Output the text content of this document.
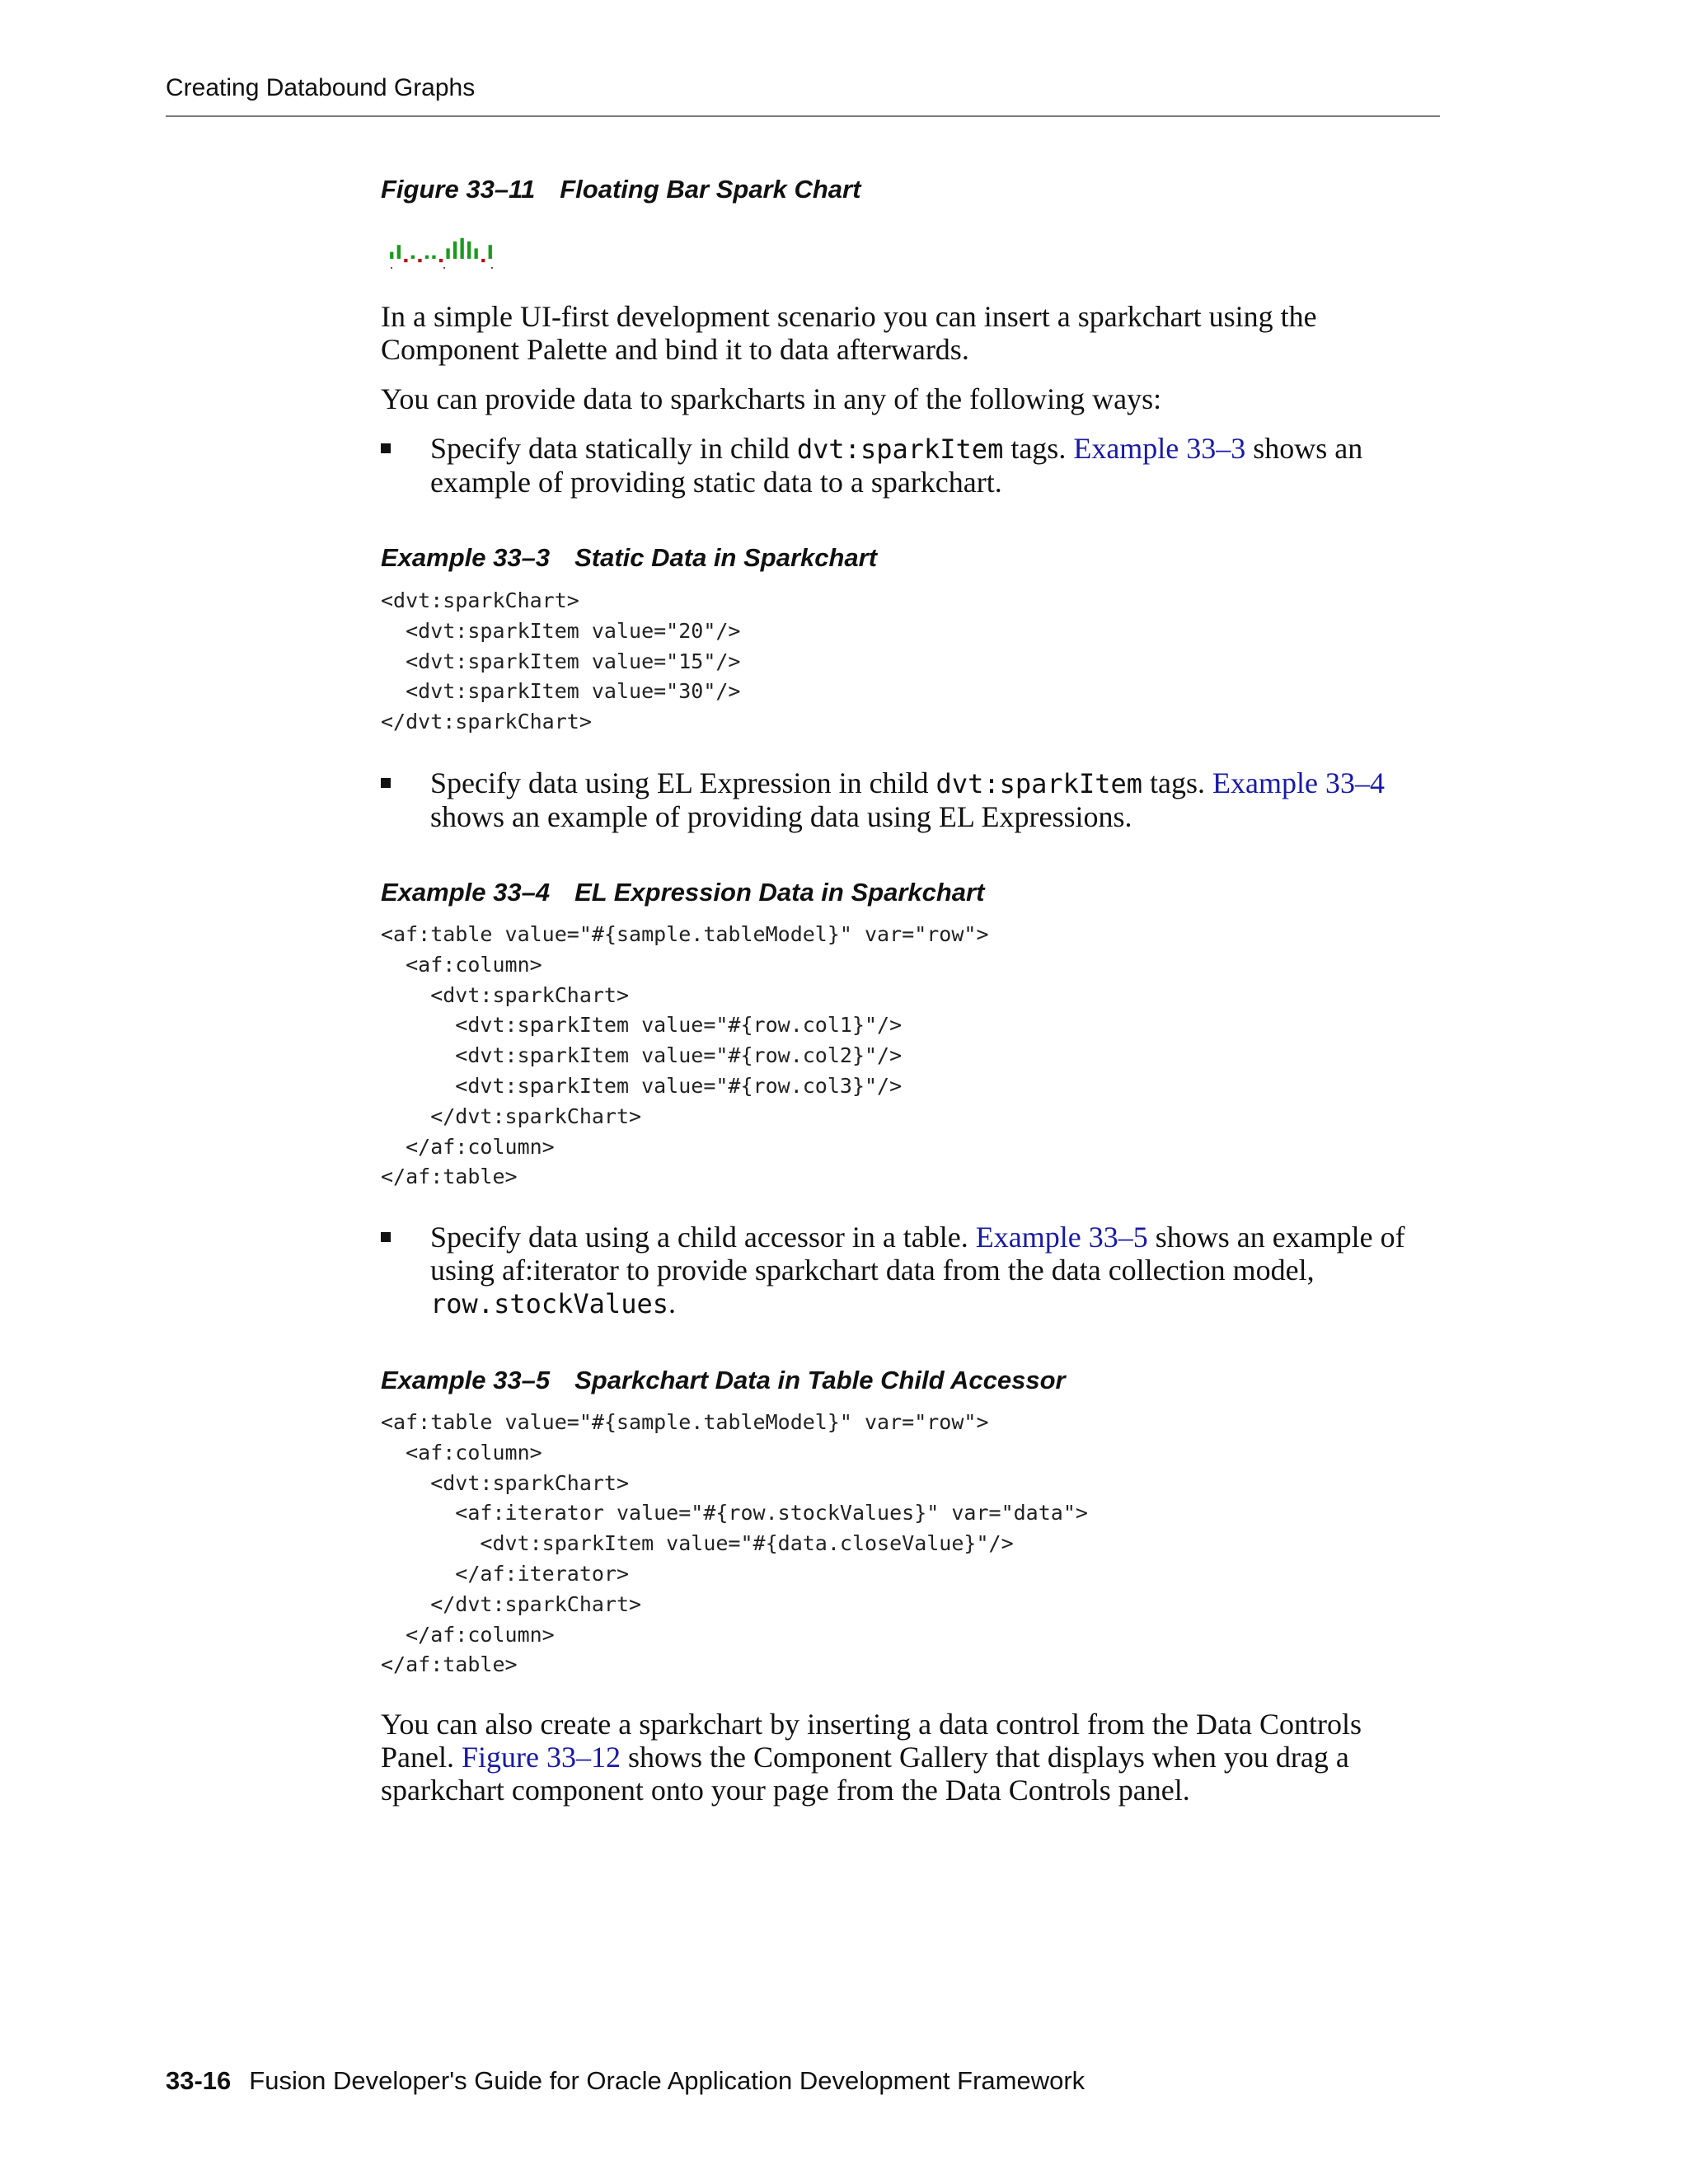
Creating Databound Graphs
Figure 33–11 Floating Bar Spark Chart
In a simple UI-first development scenario you can insert a sparkchart using the Component Palette and bind it to data afterwards.
You can provide data to sparkcharts in any of the following ways:
Specify data statically in child dvt:sparkItem tags. Example 33–3 shows an example of providing static data to a sparkchart.
Example 33–3 Static Data in Sparkchart
<dvt:sparkChart>
<dvt:sparkItem value="20"/>
<dvt:sparkItem value="15"/>
<dvt:sparkItem value="30"/>
</dvt:sparkChart>
Specify data using EL Expression in child dvt:sparkItem tags. Example 33–4 shows an example of providing data using EL Expressions.
Example 33–4 EL Expression Data in Sparkchart
<af:table value="#{sample.tableModel}" var="row">
<af:column>
<dvt:sparkChart>
<dvt:sparkItem value="#{row.col1}"/>
<dvt:sparkItem value="#{row.col2}"/>
<dvt:sparkItem value="#{row.col3}"/>
</dvt:sparkChart>
</af:column>
</af:table>
Specify data using a child accessor in a table. Example 33–5 shows an example of using af:iterator to provide sparkchart data from the data collection model, row.stockValues.
Example 33–5 Sparkchart Data in Table Child Accessor
<af:table value="#{sample.tableModel}" var="row">
<af:column>
<dvt:sparkChart>
<af:iterator value="#{row.stockValues}" var="data">
<dvt:sparkItem value="#{data.closeValue}"/>
</af:iterator>
</dvt:sparkChart>
</af:column>
</af:table>
You can also create a sparkchart by inserting a data control from the Data Controls Panel. Figure 33–12 shows the Component Gallery that displays when you drag a sparkchart component onto your page from the Data Controls panel.
33-16 Fusion Developer's Guide for Oracle Application Development Framework
